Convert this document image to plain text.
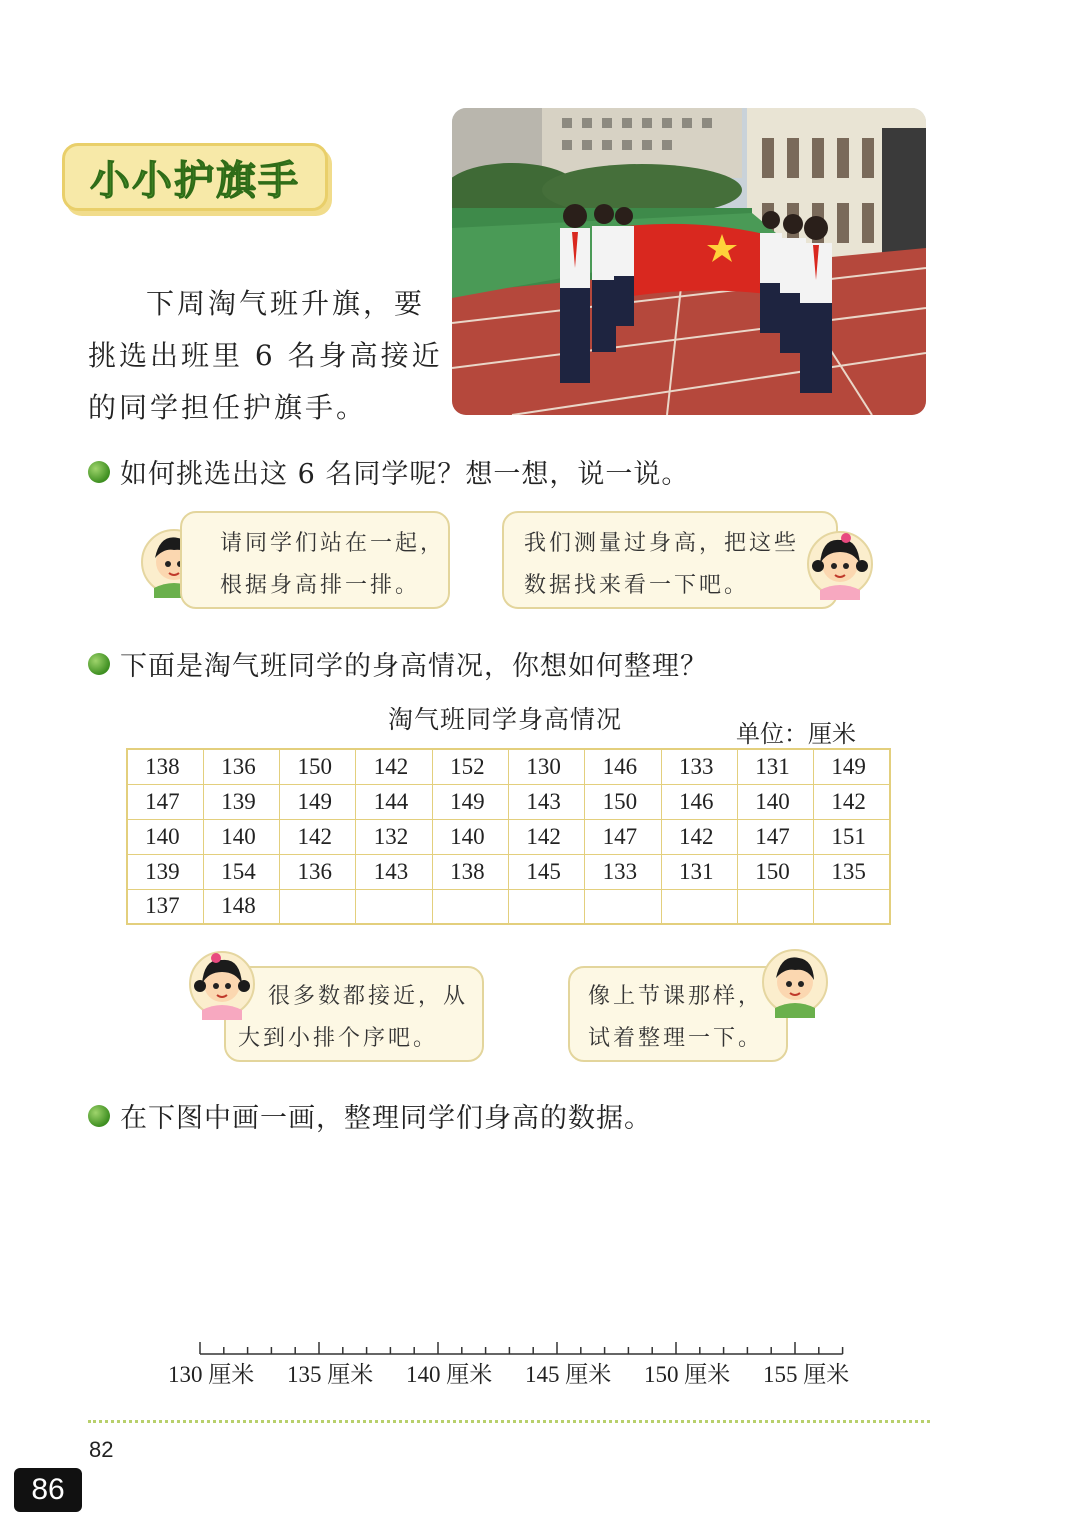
小小护旗手

下周淘气班升旗，要

挑选出班里 6 名身高接近

的同学担任护旗手。

如何挑选出这 6 名同学呢？想一想，说一说。
请同学们站在一起，
根据身高排一排。
我们测量过身高，把这些
数据找来看一下吧。
下面是淘气班同学的身高情况，你想如何整理？
淘气班同学身高情况	单位：厘米
138	136	150	142	152	130	146	133	131	149
147	139	149	144	149	143	150	146	140	142
140	140	142	132	140	142	147	142	147	151
139	154	136	143	138	145	133	131	150	135
137	148								
很多数都接近，从
大到小排个序吧。
像上节课那样，
试着整理一下。
在下图中画一画，整理同学们身高的数据。
130 厘米 135 厘米 140 厘米 145 厘米 150 厘米 155 厘米
82
86
